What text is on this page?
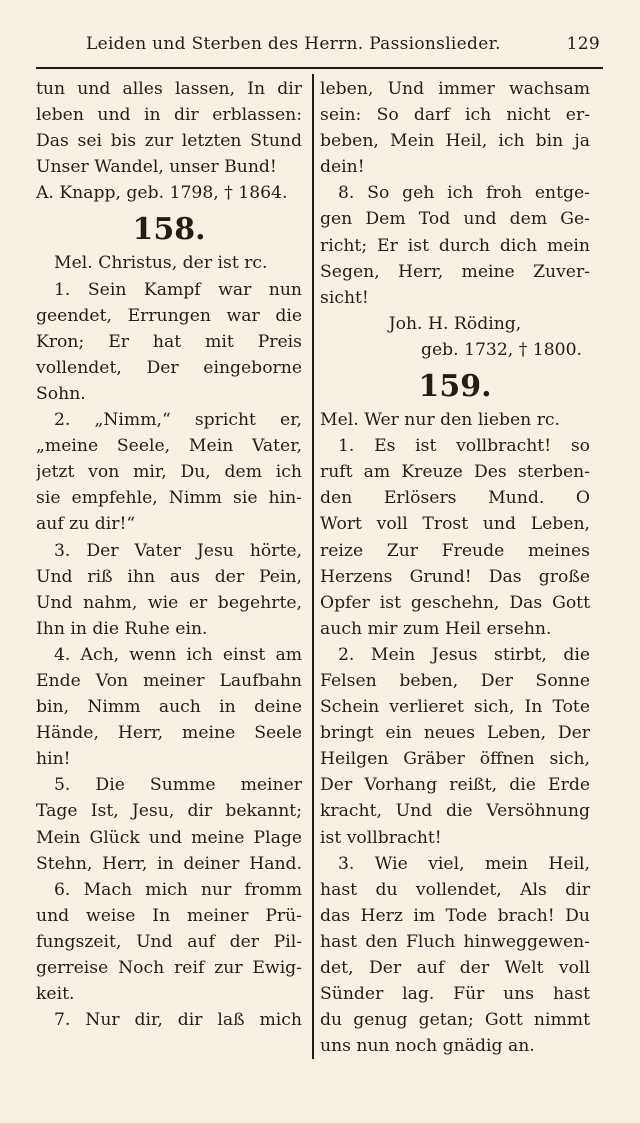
Leiden und Sterben des Herrn. Passionslieder.	129
tun und alles lassen, In dir
leben und in dir erblassen:
Das sei bis zur letzten Stund
Unser Wandel, unser Bund!
A. Knapp, geb. 1798, † 1864.
158.
Mel. Christus, der ist rc.
1. Sein Kampf war nun
geendet, Errungen war die
Kron; Er hat mit Preis
vollendet, Der eingeborne
Sohn.
2. „Nimm,“ spricht er,
„meine Seele, Mein Vater,
jetzt von mir, Du, dem ich
sie empfehle, Nimm sie hin-
auf zu dir!“
3. Der Vater Jesu hörte,
Und riß ihn aus der Pein,
Und nahm, wie er begehrte,
Ihn in die Ruhe ein.
4. Ach, wenn ich einst am
Ende Von meiner Laufbahn
bin, Nimm auch in deine
Hände, Herr, meine Seele
hin!
5. Die Summe meiner
Tage Ist, Jesu, dir bekannt;
Mein Glück und meine Plage
Stehn, Herr, in deiner Hand.
6. Mach mich nur fromm
und weise In meiner Prü-
fungszeit, Und auf der Pil-
gerreise Noch reif zur Ewig-
keit.
7. Nur dir, dir laß mich
leben, Und immer wachsam
sein: So darf ich nicht er-
beben, Mein Heil, ich bin ja
dein!
8. So geh ich froh entge-
gen Dem Tod und dem Ge-
richt; Er ist durch dich mein
Segen, Herr, meine Zuver-
sicht!
Joh. H. Röding,
geb. 1732, † 1800.
159.
Mel. Wer nur den lieben rc.
1. Es ist vollbracht! so
ruft am Kreuze Des sterben-
den Erlösers Mund. O
Wort voll Trost und Leben,
reize Zur Freude meines
Herzens Grund! Das große
Opfer ist geschehn, Das Gott
auch mir zum Heil ersehn.
2. Mein Jesus stirbt, die
Felsen beben, Der Sonne
Schein verlieret sich, In Tote
bringt ein neues Leben, Der
Heilgen Gräber öffnen sich,
Der Vorhang reißt, die Erde
kracht, Und die Versöhnung
ist vollbracht!
3. Wie viel, mein Heil,
hast du vollendet, Als dir
das Herz im Tode brach! Du
hast den Fluch hinweggewen-
det, Der auf der Welt voll
Sünder lag. Für uns hast
du genug getan; Gott nimmt
uns nun noch gnädig an.
